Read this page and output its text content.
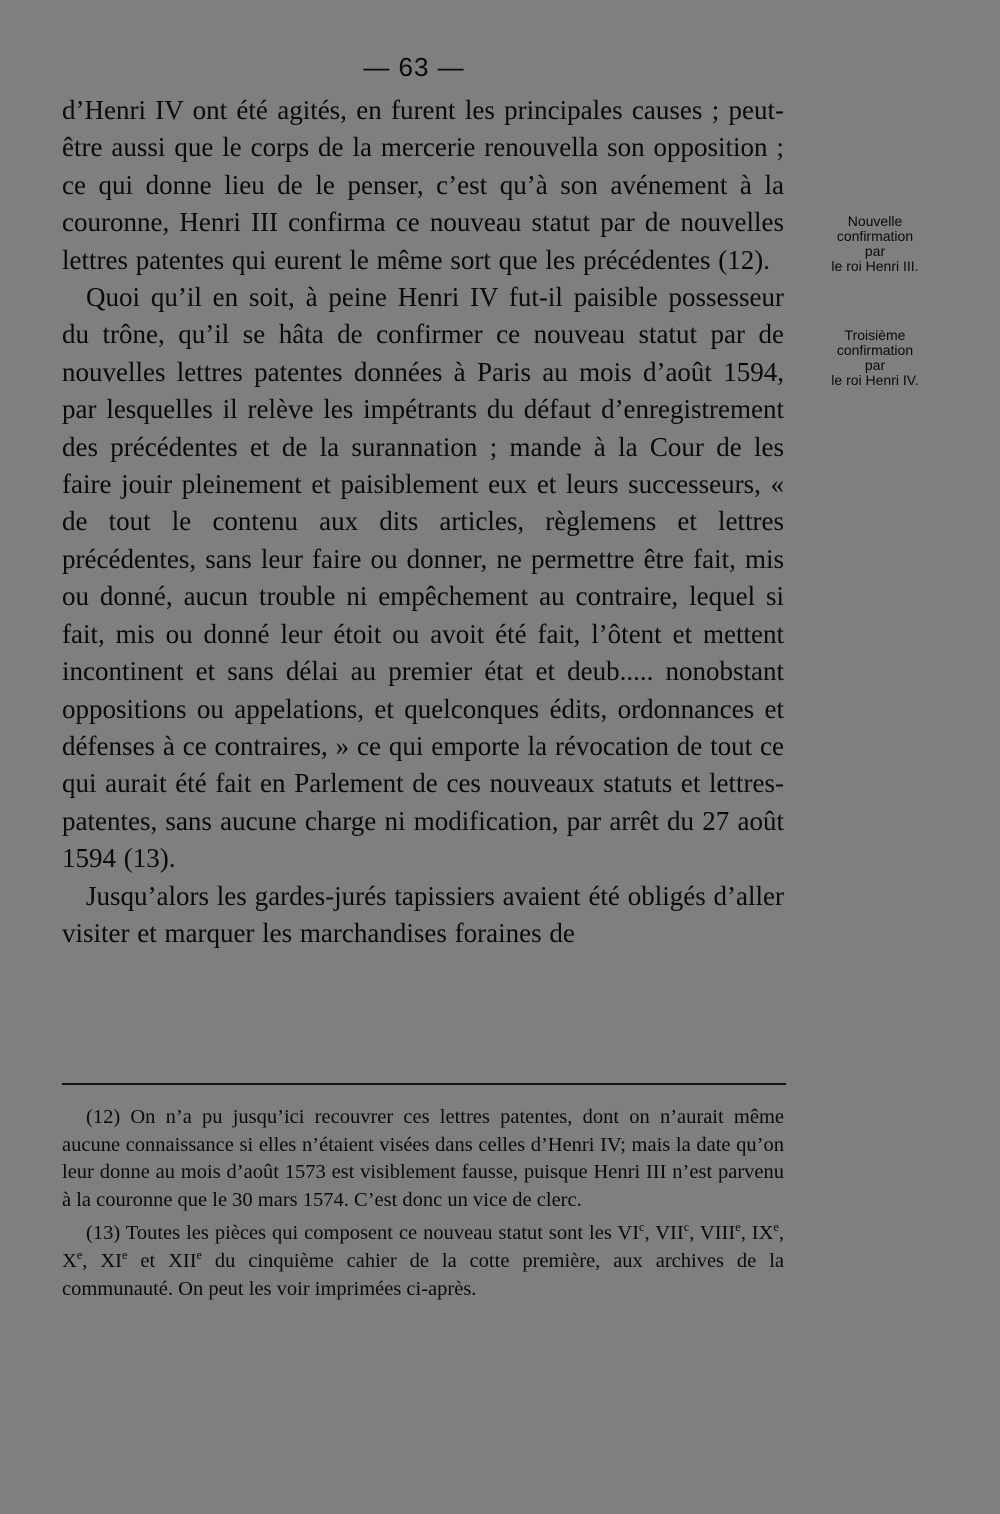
— 63 —

d’Henri IV ont été agités, en furent les principales causes ; peut-être aussi que le corps de la mercerie renouvella son opposition ; ce qui donne lieu de le penser, c’est qu’à son avénement à la couronne, Henri III confirma ce nouveau statut par de nouvelles lettres patentes qui eurent le même sort que les précédentes (12).

Quoi qu’il en soit, à peine Henri IV fut-il paisible possesseur du trône, qu’il se hâta de confirmer ce nouveau statut par de nouvelles lettres patentes données à Paris au mois d’août 1594, par lesquelles il relève les impétrants du défaut d’enregistrement des précédentes et de la surannation ; mande à la Cour de les faire jouir pleinement et paisiblement eux et leurs successeurs, « de tout le contenu aux dits articles, règlemens et lettres précédentes, sans leur faire ou donner, ne permettre être fait, mis ou donné, aucun trouble ni empêchement au contraire, lequel si fait, mis ou donné leur étoit ou avoit été fait, l’ôtent et mettent incontinent et sans délai au premier état et deub..... nonobstant oppositions ou appelations, et quelconques édits, ordonnances et défenses à ce contraires, » ce qui emporte la révocation de tout ce qui aurait été fait en Parlement de ces nouveaux statuts et lettres-patentes, sans aucune charge ni modification, par arrêt du 27 août 1594 (13).

Jusqu’alors les gardes-jurés tapissiers avaient été obligés d’aller visiter et marquer les marchandises foraines de

Nouvelle
confirmation
par
le roi Henri III.
Troisième
confirmation
par
le roi Henri IV.

(12) On n’a pu jusqu’ici recouvrer ces lettres patentes, dont on n’aurait même aucune connaissance si elles n’étaient visées dans celles d’Henri IV; mais la date qu’on leur donne au mois d’août 1573 est visiblement fausse, puisque Henri III n’est parvenu à la couronne que le 30 mars 1574. C’est donc un vice de clerc.

(13) Toutes les pièces qui composent ce nouveau statut sont les $VI^c$, VII$^c$, VIIIe, IXe, Xe, XIe et XIIe du cinquième cahier de la cotte première, aux archives de la communauté. On peut les voir imprimées ci-après.
